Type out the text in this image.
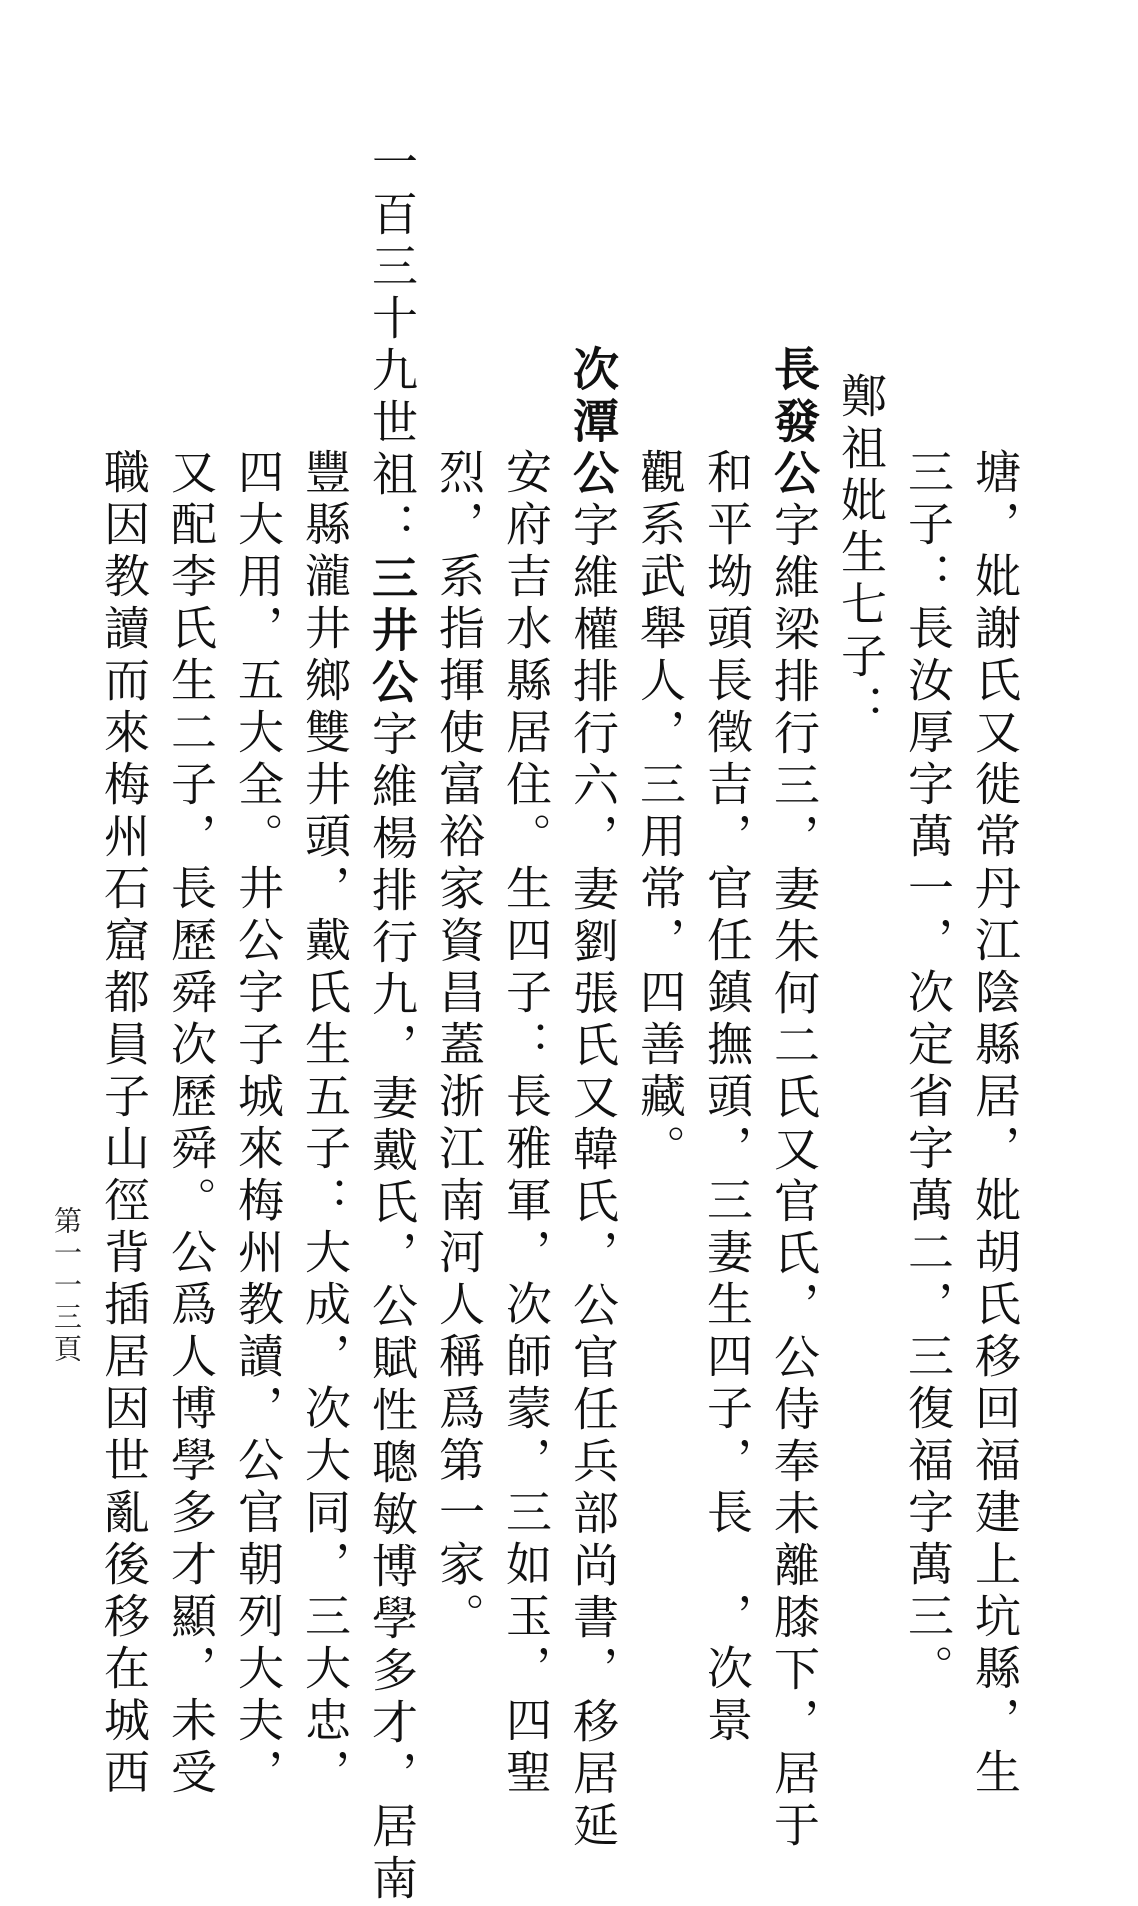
塘，妣謝氏又徙常丹江陰縣居，妣胡氏移回福建上坑縣，生
三子：長汝厚字萬一，次定省字萬二，三復福字萬三。
鄭祖妣生七子：
長發公字維梁排行三，妻朱何二氏又官氏，公侍奉未離膝下，居于
和平坳頭長徵吉，官任鎮撫頭，三妻生四子，長　，次景
觀系武舉人，三用常，四善藏。
次潭公字維權排行六，妻劉張氏又韓氏，公官任兵部尚書，移居延
安府吉水縣居住。生四子：長雅軍，次師蒙，三如玉，四聖
烈，系指揮使富裕家資昌蓋浙江南河人稱爲第一家。
一百三十九世祖：三井公字維楊排行九，妻戴氏，公賦性聰敏博學多才，居南
豐縣瀧井鄉雙井頭，戴氏生五子：大成，次大同，三大忠，
四大用，五大全。井公字子城來梅州教讀，公官朝列大夫，
又配李氏生二子，長歷舜次歷舜。公爲人博學多才顯，未受
職因教讀而來梅州石窟都員子山徑背插居因世亂後移在城西
第一一三頁
